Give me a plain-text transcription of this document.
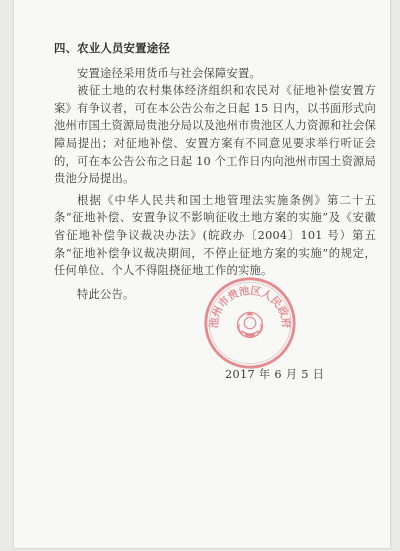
四、农业人员安置途径

安置途径采用货币与社会保障安置。

被征土地的农村集体经济组织和农民对《征地补偿安置方案》有争议者，可在本公告公布之日起 15 日内，以书面形式向池州市国土资源局贵池分局以及池州市贵池区人力资源和社会保障局提出；对征地补偿、安置方案有不同意见要求举行听证会的，可在本公告公布之日起 10 个工作日内向池州市国土资源局贵池分局提出。

根据《中华人民共和国土地管理法实施条例》第二十五条“征地补偿、安置争议不影响征收土地方案的实施”及《安徽省征地补偿争议裁决办法》(皖政办〔2004〕101 号）第五条“征地补偿争议裁决期间，不停止征地方案的实施”的规定，任何单位、个人不得阻挠征地工作的实施。

特此公告。

池州市贵池区人民政府
2017 年 6 月 5 日
